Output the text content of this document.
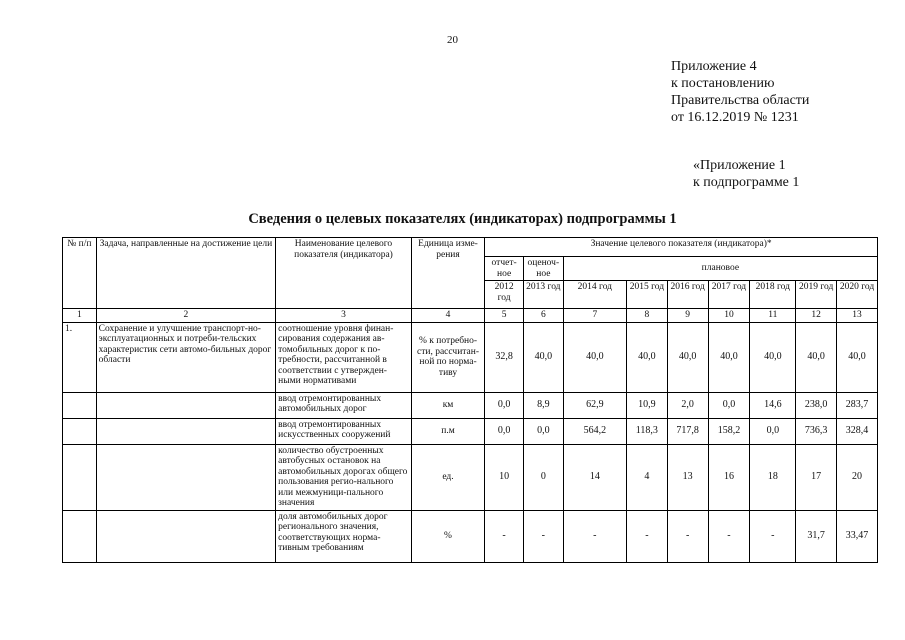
20
Приложение 4
к постановлению
Правительства области
от 16.12.2019 № 1231
«Приложение 1
к подпрограмме 1
Сведения о целевых показателях (индикаторах) подпрограммы 1
№ п/п	Задача, направленные на достижение цели	Наименование целевого показателя (индикатора)	Единица изме-рения	Значение целевого показателя (индикатора)*								
				отчет-ное	оценоч-ное	плановое						
				2012 год	2013 год	2014 год	2015 год	2016 год	2017 год	2018 год	2019 год	2020 год
1	2	3	4	5	6	7	8	9	10	11	12	13
1.	Сохранение и улучшение транспорт-но-эксплуатационных и потреби-тельских характеристик сети автомо-бильных дорог области	соотношение уровня финан-сирования содержания ав-томобильных дорог к по-требности, рассчитанной в соответствии с утвержден-ными нормативами	% к потребно-сти, рассчитан-ной по норма-тиву	32,8	40,0	40,0	40,0	40,0	40,0	40,0	40,0	40,0
		ввод отремонтированных автомобильных дорог	км	0,0	8,9	62,9	10,9	2,0	0,0	14,6	238,0	283,7
		ввод отремонтированных искусственных сооружений	п.м	0,0	0,0	564,2	118,3	717,8	158,2	0,0	736,3	328,4
		количество обустроенных автобусных остановок на автомобильных дорогах общего пользования регио-нального или межмуници-пального значения	ед.	10	0	14	4	13	16	18	17	20
		доля автомобильных дорог регионального значения, соответствующих норма-тивным требованиям	%	-	-	-	-	-	-	-	31,7	33,47
